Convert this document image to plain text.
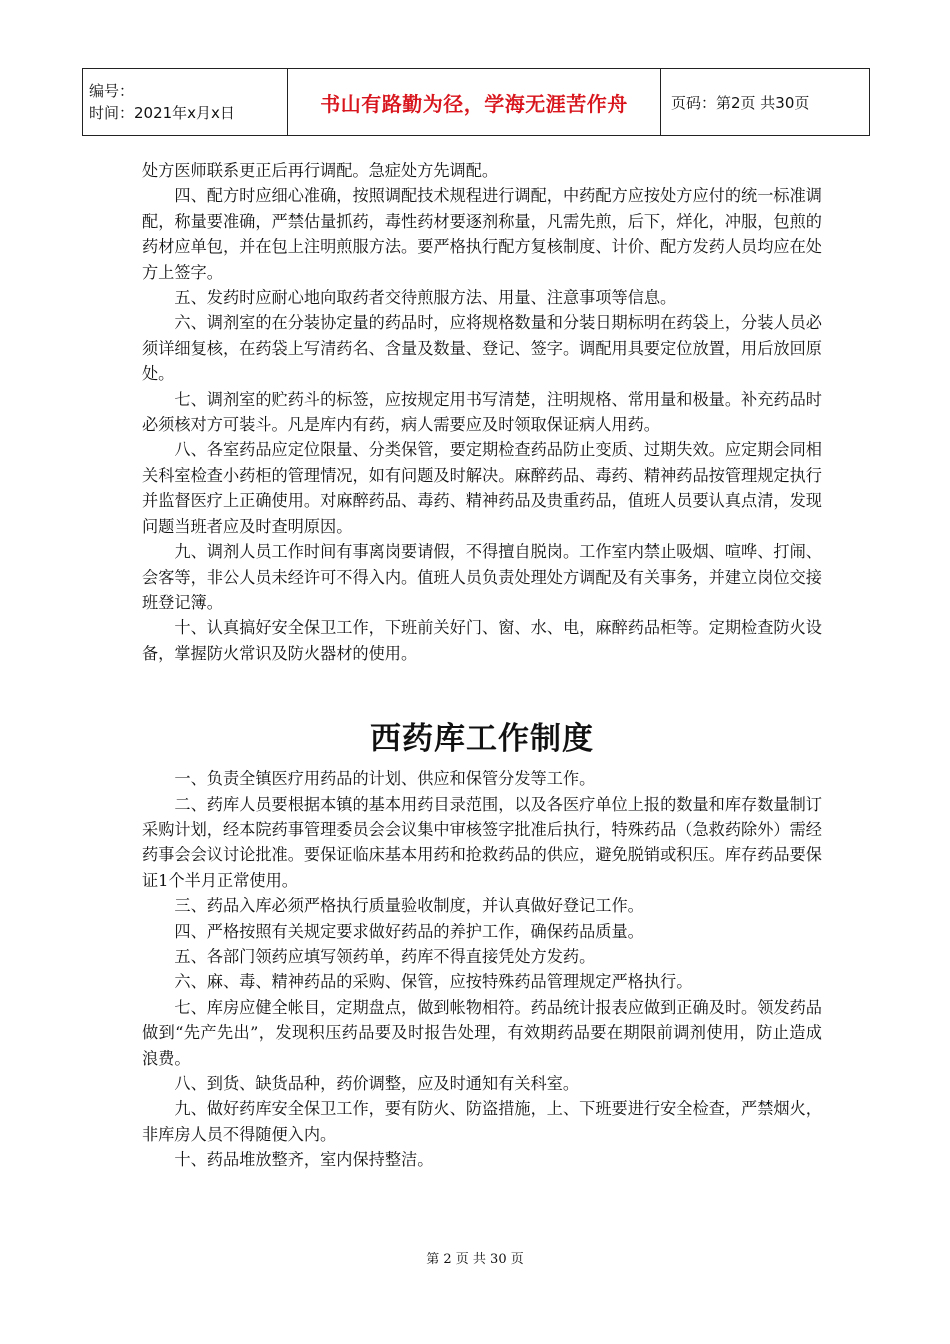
编号：
时间：2021年x月x日	书山有路勤为径，学海无涯苦作舟	页码：第2页 共30页

处方医师联系更正后再行调配。急症处方先调配。

四、配方时应细心准确，按照调配技术规程进行调配，中药配方应按处方应付的统一标准调配，称量要准确，严禁估量抓药，毒性药材要逐剂称量，凡需先煎，后下，烊化，冲服，包煎的药材应单包，并在包上注明煎服方法。要严格执行配方复核制度、计价、配方发药人员均应在处方上签字。

五、发药时应耐心地向取药者交待煎服方法、用量、注意事项等信息。

六、调剂室的在分装协定量的药品时，应将规格数量和分装日期标明在药袋上，分装人员必须详细复核，在药袋上写清药名、含量及数量、登记、签字。调配用具要定位放置，用后放回原处。

七、调剂室的贮药斗的标签，应按规定用书写清楚，注明规格、常用量和极量。补充药品时必须核对方可装斗。凡是库内有药，病人需要应及时领取保证病人用药。

八、各室药品应定位限量、分类保管，要定期检查药品防止变质、过期失效。应定期会同相关科室检查小药柜的管理情况，如有问题及时解决。麻醉药品、毒药、精神药品按管理规定执行并监督医疗上正确使用。对麻醉药品、毒药、精神药品及贵重药品，值班人员要认真点清，发现问题当班者应及时查明原因。

九、调剂人员工作时间有事离岗要请假，不得擅自脱岗。工作室内禁止吸烟、喧哗、打闹、会客等，非公人员未经许可不得入内。值班人员负责处理处方调配及有关事务，并建立岗位交接班登记簿。

十、认真搞好安全保卫工作，下班前关好门、窗、水、电，麻醉药品柜等。定期检查防火设备，掌握防火常识及防火器材的使用。

西药库工作制度

一、负责全镇医疗用药品的计划、供应和保管分发等工作。

二、药库人员要根据本镇的基本用药目录范围，以及各医疗单位上报的数量和库存数量制订采购计划，经本院药事管理委员会会议集中审核签字批准后执行，特殊药品（急救药除外）需经药事会会议讨论批准。要保证临床基本用药和抢救药品的供应，避免脱销或积压。库存药品要保证1个半月正常使用。

三、药品入库必须严格执行质量验收制度，并认真做好登记工作。

四、严格按照有关规定要求做好药品的养护工作，确保药品质量。

五、各部门领药应填写领药单，药库不得直接凭处方发药。

六、麻、毒、精神药品的采购、保管，应按特殊药品管理规定严格执行。

七、库房应健全帐目，定期盘点，做到帐物相符。药品统计报表应做到正确及时。领发药品做到“先产先出”，发现积压药品要及时报告处理，有效期药品要在期限前调剂使用，防止造成浪费。

八、到货、缺货品种，药价调整，应及时通知有关科室。

九、做好药库安全保卫工作，要有防火、防盗措施，上、下班要进行安全检查，严禁烟火，非库房人员不得随便入内。

十、药品堆放整齐，室内保持整洁。

第 2 页 共 30 页
